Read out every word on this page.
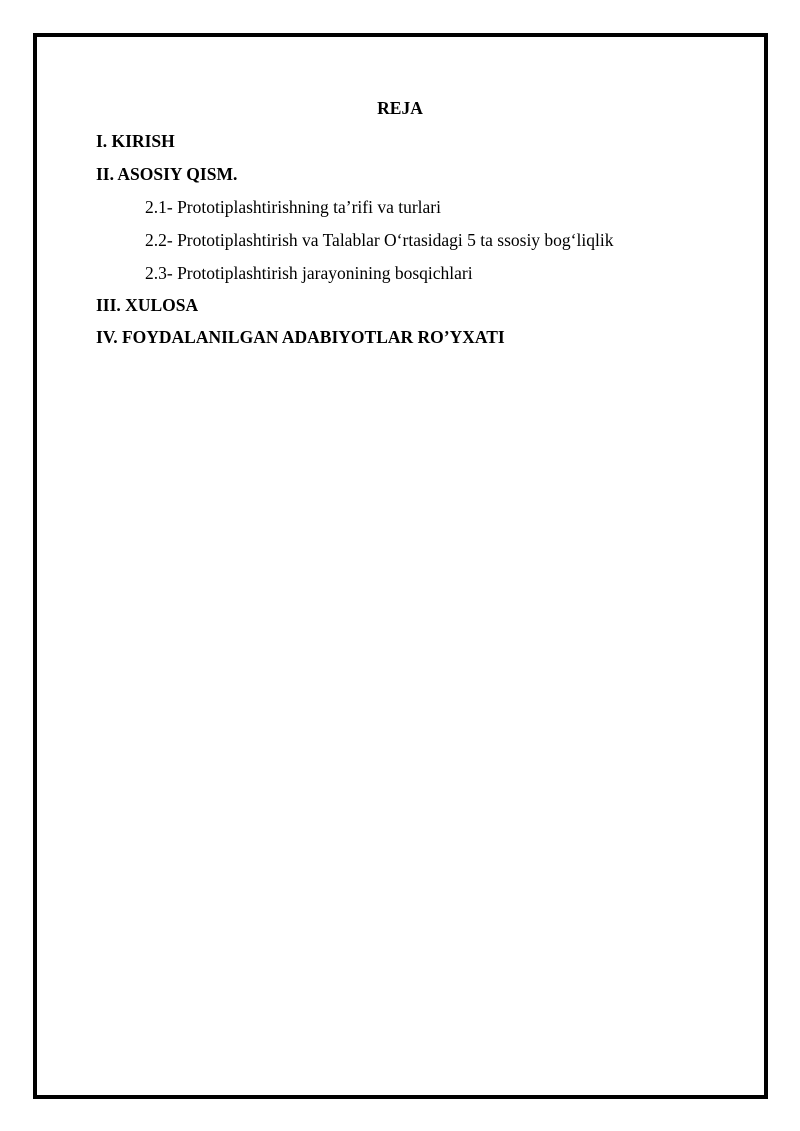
REJA
I. KIRISH
II. ASOSIY QISM.
2.1- Prototiplashtirishning ta’rifi va turlari
2.2- Prototiplashtirish va Talablar O‘rtasidagi 5 ta ssosiy bog‘liqlik
2.3- Prototiplashtirish jarayonining bosqichlari
III. XULOSA
IV. FOYDALANILGAN ADABIYOTLAR RO’YXATI
